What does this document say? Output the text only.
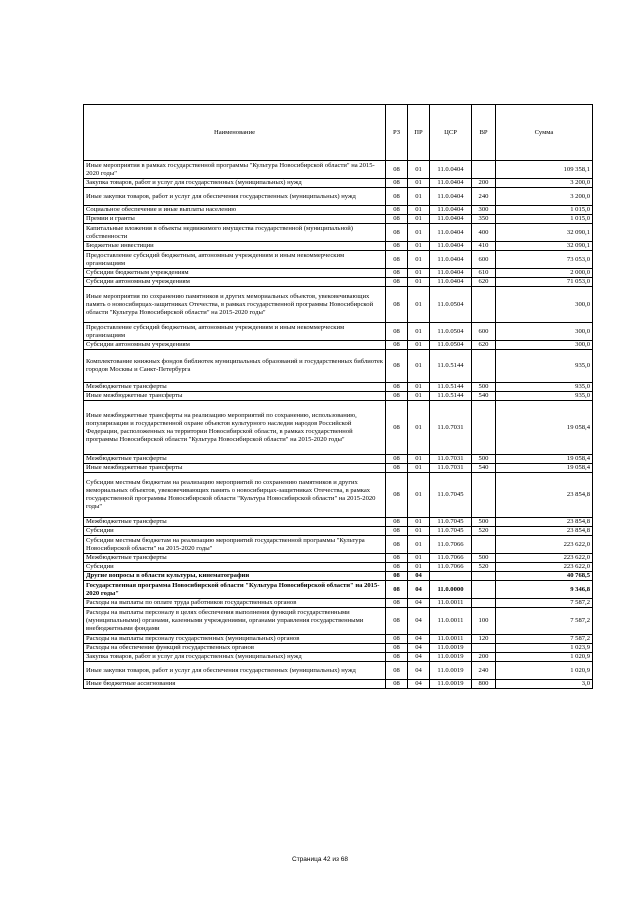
Наименование	РЗ	ПР	ЦСР	ВР	Сумма
Иные мероприятия в рамках государственной программы "Культура Новосибирской области" на 2015-2020 годы"	08	01	11.0.0404		109 358,1
Закупка товаров, работ и услуг для государственных (муниципальных) нужд	08	01	11.0.0404	200	3 200,0
Иные закупки товаров, работ и услуг для обеспечения государственных (муниципальных) нужд	08	01	11.0.0404	240	3 200,0
Социальное обеспечение и иные выплаты населению	08	01	11.0.0404	300	1 015,0
Премии и гранты	08	01	11.0.0404	350	1 015,0
Капитальные вложения в объекты недвижимого имущества государственной (муниципальной) собственности	08	01	11.0.0404	400	32 090,1
Бюджетные инвестиции	08	01	11.0.0404	410	32 090,1
Предоставление субсидий бюджетным, автономным учреждениям и иным некоммерческим организациям	08	01	11.0.0404	600	73 053,0
Субсидии бюджетным учреждениям	08	01	11.0.0404	610	2 000,0
Субсидии автономным учреждениям	08	01	11.0.0404	620	71 053,0
Иные мероприятия по сохранению памятников и других мемориальных объектов, увековечивающих память о новосибирцах-защитниках Отечества, в рамках государственной программы Новосибирской области "Культура Новосибирской области" на 2015-2020 годы"	08	01	11.0.0504		300,0
Предоставление субсидий бюджетным, автономным учреждениям и иным некоммерческим организациям	08	01	11.0.0504	600	300,0
Субсидии автономным учреждениям	08	01	11.0.0504	620	300,0
Комплектование книжных фондов библиотек муниципальных образований и государственных библиотек городов Москвы и Санкт-Петербурга	08	01	11.0.5144		935,0
Межбюджетные трансферты	08	01	11.0.5144	500	935,0
Иные межбюджетные трансферты	08	01	11.0.5144	540	935,0
Иные межбюджетные трансферты на реализацию мероприятий по сохранению, использованию, популяризации и государственной охране объектов культурного наследия народов Российской Федерации, расположенных на территории Новосибирской области, в рамках государственной программы Новосибирской области "Культура Новосибирской области" на 2015-2020 годы"	08	01	11.0.7031		19 058,4
Межбюджетные трансферты	08	01	11.0.7031	500	19 058,4
Иные межбюджетные трансферты	08	01	11.0.7031	540	19 058,4
Субсидии местным бюджетам на реализацию мероприятий по сохранению памятников и других мемориальных объектов, увековечивающих память о новосибирцах-защитниках Отечества, в рамках государственной программы Новосибирской области "Культура Новосибирской области" на 2015-2020 годы"	08	01	11.0.7045		23 854,8
Межбюджетные трансферты	08	01	11.0.7045	500	23 854,8
Субсидии	08	01	11.0.7045	520	23 854,8
Субсидии местным бюджетам на реализацию мероприятий государственной программы "Культура Новосибирской области" на 2015-2020 годы"	08	01	11.0.7066		223 622,0
Межбюджетные трансферты	08	01	11.0.7066	500	223 622,0
Субсидии	08	01	11.0.7066	520	223 622,0
Другие вопросы в области культуры, кинематографии	08	04			40 768,5
Государственная программа Новосибирской области "Культура Новосибирской области" на 2015-2020 годы"	08	04	11.0.0000		9 346,8
Расходы на выплаты по оплате труда работников государственных органов	08	04	11.0.0011		7 587,2
Расходы на выплаты персоналу в целях обеспечения выполнения функций государственными (муниципальными) органами, казенными учреждениями, органами управления государственными внебюджетными фондами	08	04	11.0.0011	100	7 587,2
Расходы на выплаты персоналу государственных (муниципальных) органов	08	04	11.0.0011	120	7 587,2
Расходы на обеспечение функций государственных органов	08	04	11.0.0019		1 023,9
Закупка товаров, работ и услуг для государственных (муниципальных) нужд	08	04	11.0.0019	200	1 020,9
Иные закупки товаров, работ и услуг для обеспечения государственных (муниципальных) нужд	08	04	11.0.0019	240	1 020,9
Иные бюджетные ассигнования	08	04	11.0.0019	800	3,0
Страница 42 из 68
